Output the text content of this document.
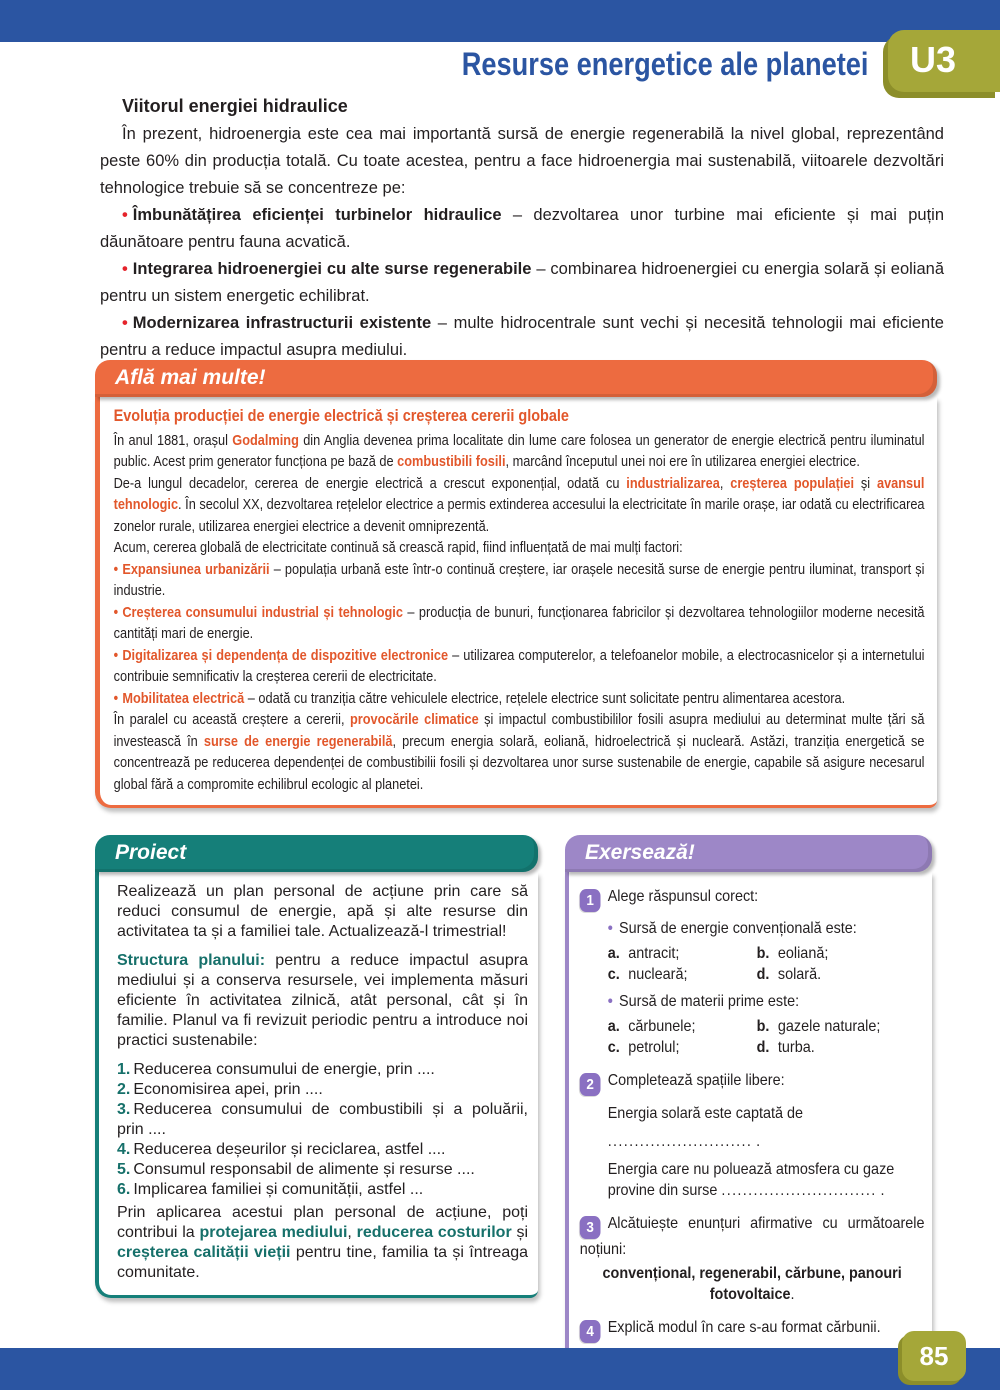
Resurse energetice ale planetei	U3
Viitorul energiei hidraulice

În prezent, hidroenergia este cea mai importantă sursă de energie regenerabilă la nivel global, reprezentând peste 60% din producția totală. Cu toate acestea, pentru a face hidroenergia mai sustenabilă, viitoarele dezvoltări tehnologice trebuie să se concentreze pe:

• Îmbunătățirea eficienței turbinelor hidraulice – dezvoltarea unor turbine mai eficiente și mai puțin dăunătoare pentru fauna acvatică.

• Integrarea hidroenergiei cu alte surse regenerabile – combinarea hidroenergiei cu energia solară și eoliană pentru un sistem energetic echilibrat.

• Modernizarea infrastructurii existente – multe hidrocentrale sunt vechi și necesită tehnologii mai eficiente pentru a reduce impactul asupra mediului.

Află mai multe!
Evoluția producției de energie electrică și creșterea cererii globale

În anul 1881, orașul Godalming din Anglia devenea prima localitate din lume care folosea un generator de energie electrică pentru iluminatul public. Acest prim generator funcționa pe bază de combustibili fosili, marcând începutul unei noi ere în utilizarea energiei electrice.

De-a lungul decadelor, cererea de energie electrică a crescut exponențial, odată cu industrializarea, creșterea populației și avansul tehnologic. În secolul XX, dezvoltarea rețelelor electrice a permis extinderea accesului la electricitate în marile orașe, iar odată cu electrificarea zonelor rurale, utilizarea energiei electrice a devenit omniprezentă.

Acum, cererea globală de electricitate continuă să crească rapid, fiind influențată de mai mulți factori:

• Expansiunea urbanizării – populația urbană este într-o continuă creștere, iar orașele necesită surse de energie pentru iluminat, transport și industrie.

• Creșterea consumului industrial și tehnologic – producția de bunuri, funcționarea fabricilor și dezvoltarea tehnologiilor moderne necesită cantități mari de energie.

• Digitalizarea și dependența de dispozitive electronice – utilizarea computerelor, a telefoanelor mobile, a electrocasnicelor și a internetului contribuie semnificativ la creșterea cererii de electricitate.

• Mobilitatea electrică – odată cu tranziția către vehiculele electrice, rețelele electrice sunt solicitate pentru alimentarea acestora.

În paralel cu această creștere a cererii, provocările climatice și impactul combustibililor fosili asupra mediului au determinat multe țări să investească în surse de energie regenerabilă, precum energia solară, eoliană, hidroelectrică și nucleară. Astăzi, tranziția energetică se concentrează pe reducerea dependenței de combustibilii fosili și dezvoltarea unor surse sustenabile de energie, capabile să asigure necesarul global fără a compromite echilibrul ecologic al planetei.

Proiect

Realizează un plan personal de acțiune prin care să reduci consumul de energie, apă și alte resurse din activitatea ta și a familiei tale. Actualizează-l trimestrial!

Structura planului: pentru a reduce impactul asupra mediului și a conserva resursele, vei implementa măsuri eficiente în activitatea zilnică, atât personal, cât și în familie. Planul va fi revizuit periodic pentru a introduce noi practici sustenabile:

1. Reducerea consumului de energie, prin ....

2. Economisirea apei, prin ....

3. Reducerea consumului de combustibili și a poluării, prin ....

4. Reducerea deșeurilor și reciclarea, astfel ....

5. Consumul responsabil de alimente și resurse ....

6. Implicarea familiei și comunității, astfel ...

Prin aplicarea acestui plan personal de acțiune, poți contribui la protejarea mediului, reducerea costurilor și creșterea calității vieții pentru tine, familia ta și întreaga comunitate.

Exersează!

1 Alege răspunsul corect:

• Sursă de energie convențională este:

a. antracit;	b. eoliană;
c. nucleară;	d. solară.

• Sursă de materii prime este:

a. cărbunele;	b. gazele naturale;
c. petrolul;	d. turba.

2 Completează spațiile libere:

Energia solară este captată de

........................... .

Energia care nu poluează atmosfera cu gaze provine din surse ............................. .

3 Alcătuiește enunțuri afirmative cu următoarele noțiuni:

convențional, regenerabil, cărbune, panouri fotovoltaice.

4 Explică modul în care s-au format cărbunii.

85
